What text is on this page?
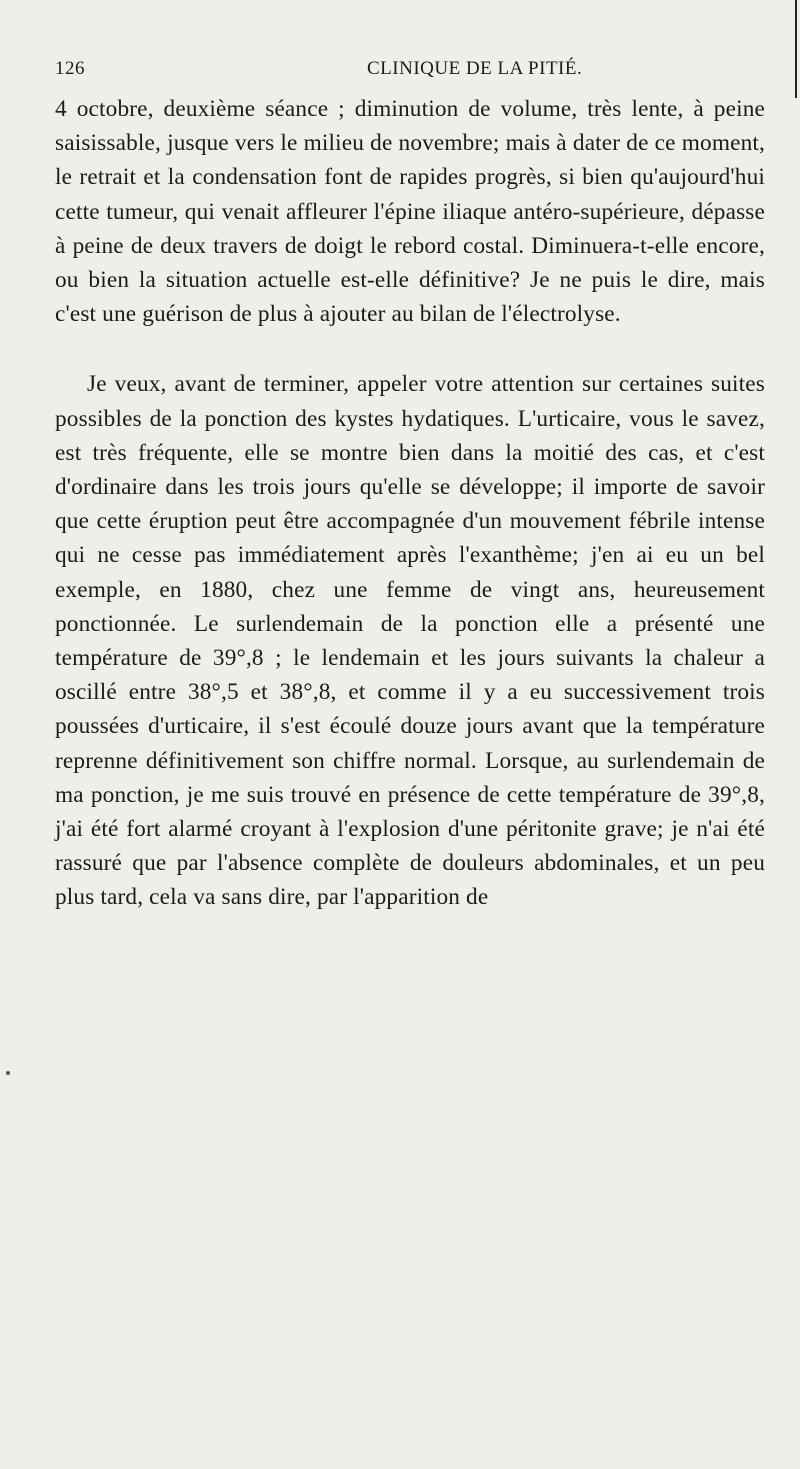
126	CLINIQUE DE LA PITIÉ.

4 octobre, deuxième séance ; diminution de volume, très lente, à peine saisissable, jusque vers le milieu de novembre; mais à dater de ce moment, le retrait et la condensation font de rapides progrès, si bien qu'aujourd'hui cette tumeur, qui venait affleurer l'épine iliaque antéro-supérieure, dépasse à peine de deux travers de doigt le rebord costal. Diminuera-t-elle encore, ou bien la situation actuelle est-elle définitive? Je ne puis le dire, mais c'est une guérison de plus à ajouter au bilan de l'électrolyse.

Je veux, avant de terminer, appeler votre attention sur certaines suites possibles de la ponction des kystes hydatiques. L'urticaire, vous le savez, est très fréquente, elle se montre bien dans la moitié des cas, et c'est d'ordinaire dans les trois jours qu'elle se développe; il importe de savoir que cette éruption peut être accompagnée d'un mouvement fébrile intense qui ne cesse pas immédiatement après l'exanthème; j'en ai eu un bel exemple, en 1880, chez une femme de vingt ans, heureusement ponctionnée. Le surlendemain de la ponction elle a présenté une température de 39°,8 ; le lendemain et les jours suivants la chaleur a oscillé entre 38°,5 et 38°,8, et comme il y a eu successivement trois poussées d'urticaire, il s'est écoulé douze jours avant que la température reprenne définitivement son chiffre normal. Lorsque, au surlendemain de ma ponction, je me suis trouvé en présence de cette température de 39°,8, j'ai été fort alarmé croyant à l'explosion d'une péritonite grave; je n'ai été rassuré que par l'absence complète de douleurs abdominales, et un peu plus tard, cela va sans dire, par l'apparition de
